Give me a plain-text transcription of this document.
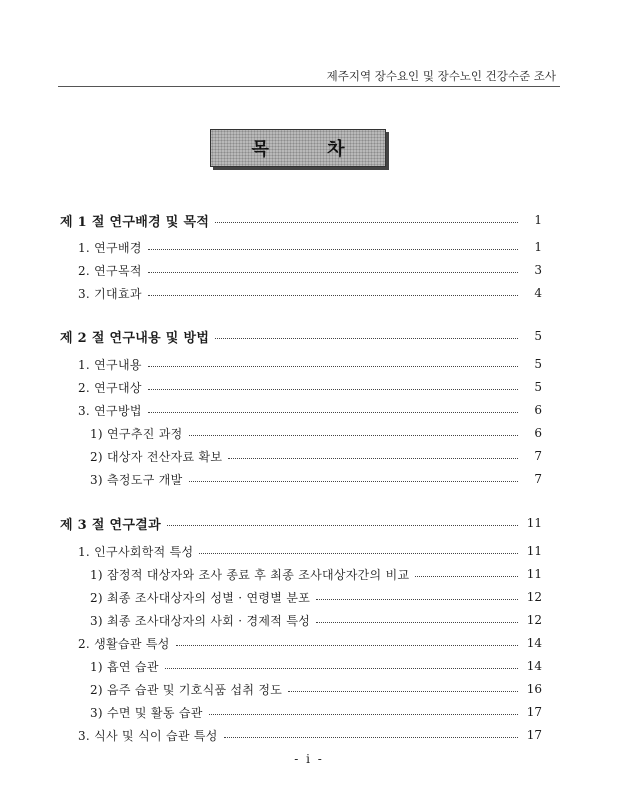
제주지역 장수요인 및 장수노인 건강수준 조사
목 차
제 1 절 연구배경 및 목적	1
1. 연구배경	1
2. 연구목적	3
3. 기대효과	4
제 2 절 연구내용 및 방법	5
1. 연구내용	5
2. 연구대상	5
3. 연구방법	6
1) 연구추진 과정	6
2) 대상자 전산자료 확보	7
3) 측정도구 개발	7
제 3 절 연구결과	11
1. 인구사회학적 특성	11
1) 잠정적 대상자와 조사 종료 후 최종 조사대상자간의 비교	11
2) 최종 조사대상자의 성별 · 연령별 분포	12
3) 최종 조사대상자의 사회 · 경제적 특성	12
2. 생활습관 특성	14
1) 흡연 습관	14
2) 음주 습관 및 기호식품 섭취 정도	16
3) 수면 및 활동 습관	17
3. 식사 및 식이 습관 특성	17
- i -
